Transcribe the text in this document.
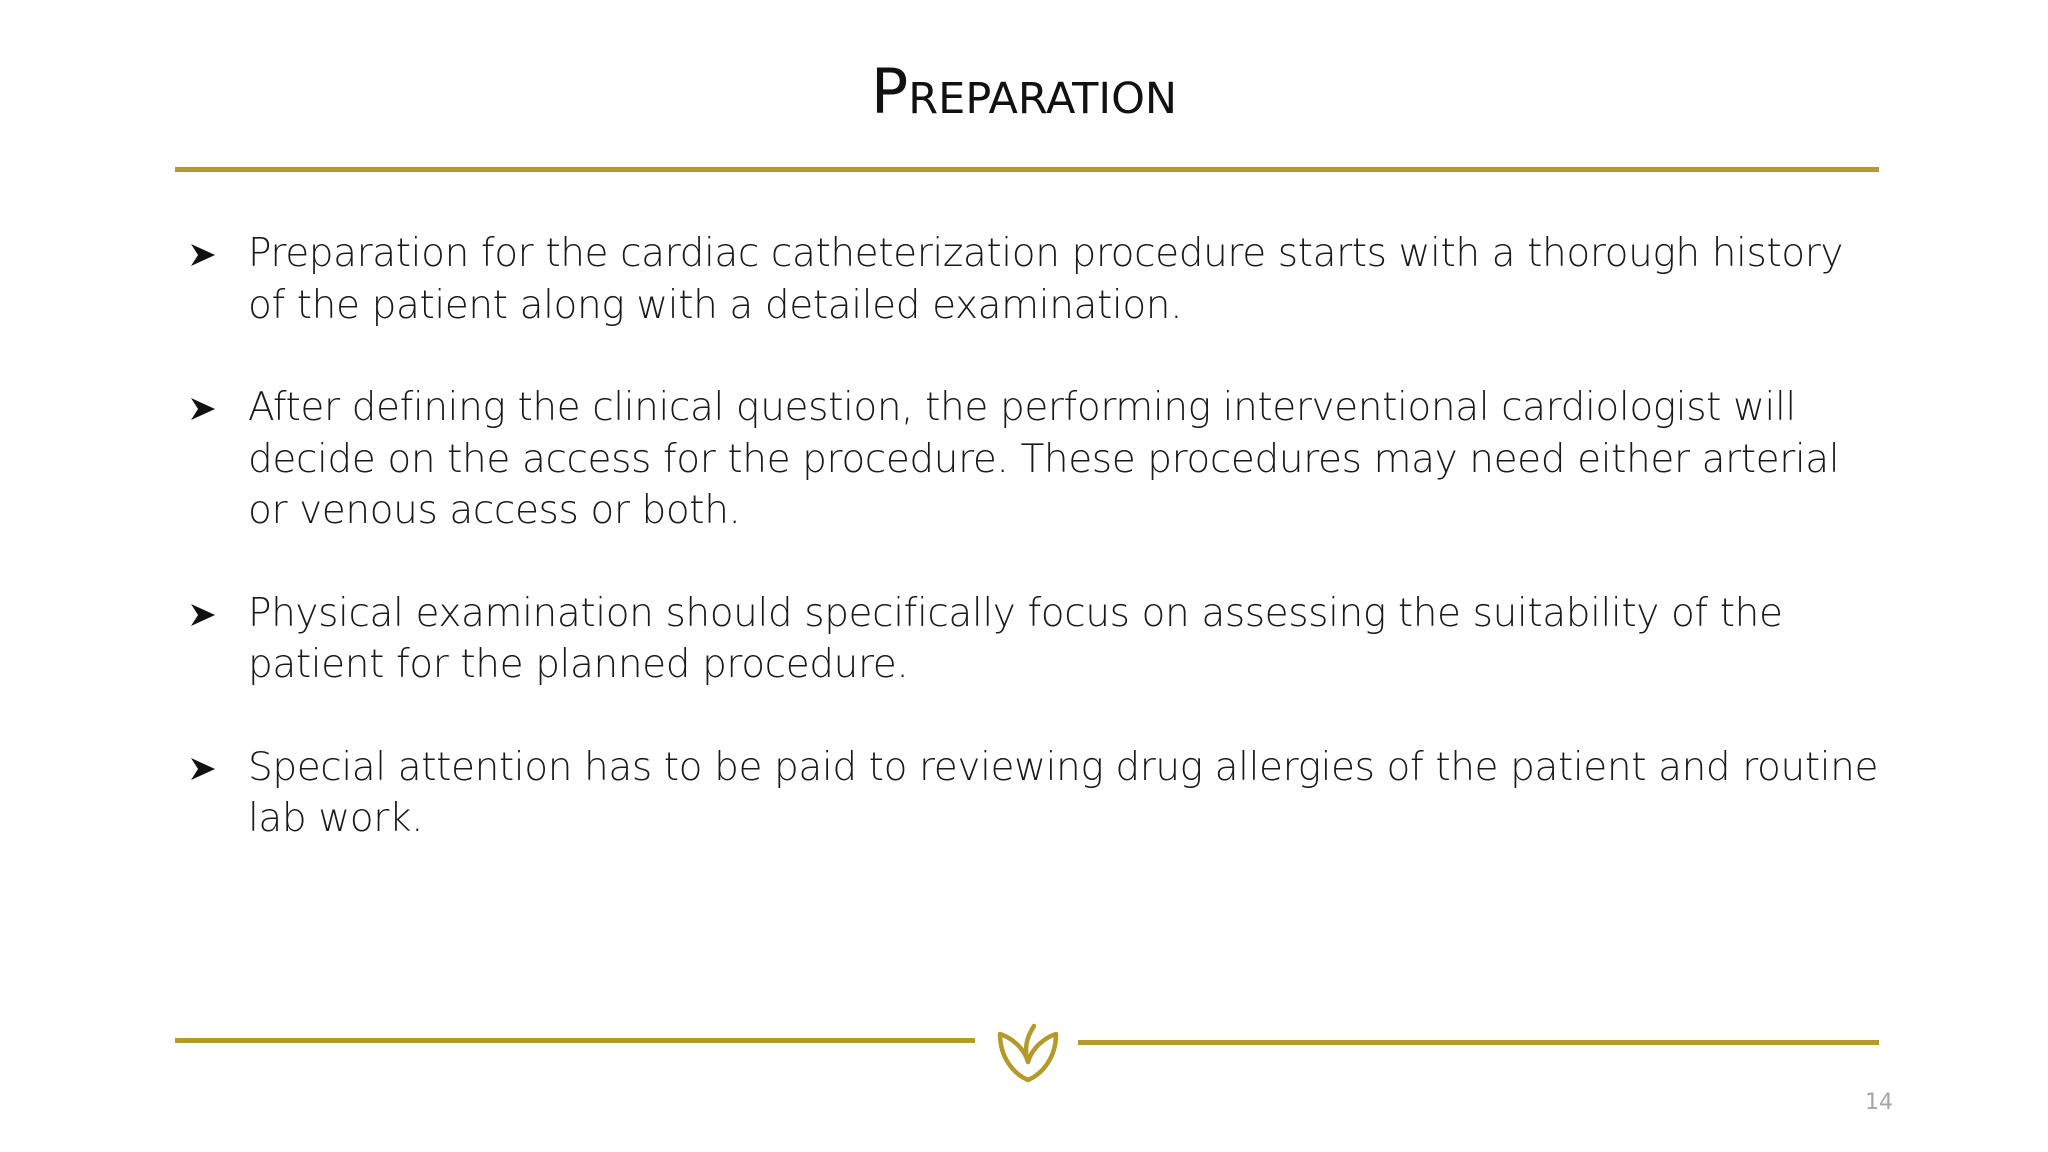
Preparation
Preparation for the cardiac catheterization procedure starts with a thorough history of the patient along with a detailed examination.
After defining the clinical question, the performing interventional cardiologist will decide on the access for the procedure. These procedures may need either arterial or venous access or both.
Physical examination should specifically focus on assessing the suitability of the patient for the planned procedure.
Special attention has to be paid to reviewing drug allergies of the patient and routine lab work.
14
